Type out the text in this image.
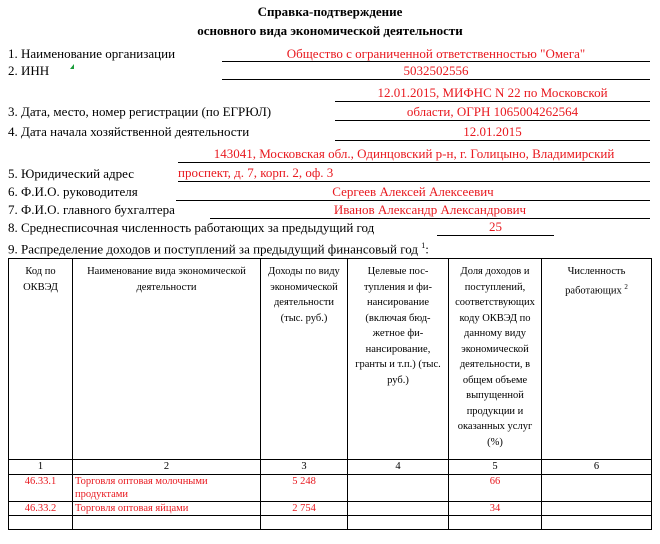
Справка-подтверждение
основного вида экономической деятельности
1. Наименование организации	Общество с ограниченной ответственностью "Омега"
2. ИНН	5032502556
12.01.2015, МИФНС N 22 по Московской
3. Дата, место, номер регистрации (по ЕГРЮЛ)	области, ОГРН 1065004262564
4. Дата начала хозяйственной деятельности	12.01.2015
143041, Московская обл., Одинцовский р-н, г. Голицыно, Владимирский
5. Юридический адрес	проспект, д. 7, корп. 2, оф. 3
6. Ф.И.О. руководителя	Сергеев Алексей Алексеевич
7. Ф.И.О. главного бухгалтера	Иванов Александр Александрович
8. Среднесписочная численность работающих за предыдущий год	25
9. Распределение доходов и поступлений за предыдущий финансовый год $^1$:
Код по ОКВЭД	Наименование вида экономической деятельности	Доходы по виду экономической деятельности (тыс. руб.)	Целевые пос- тупления и фи- нансирование (включая бюд- жетное фи- нансирование, гранты и т.п.) (тыс. руб.)	Доля доходов и поступлений, соответствующих коду ОКВЭД по данному виду экономической деятельности, в общем объеме выпущенной продукции и оказанных услуг (%)	Численность работающих $^2$
1	2	3	4	5	6
46.33.1	Торговля оптовая молочными продуктами	5 248		66	
46.33.2	Торговля оптовая яйцами	2 754		34	
